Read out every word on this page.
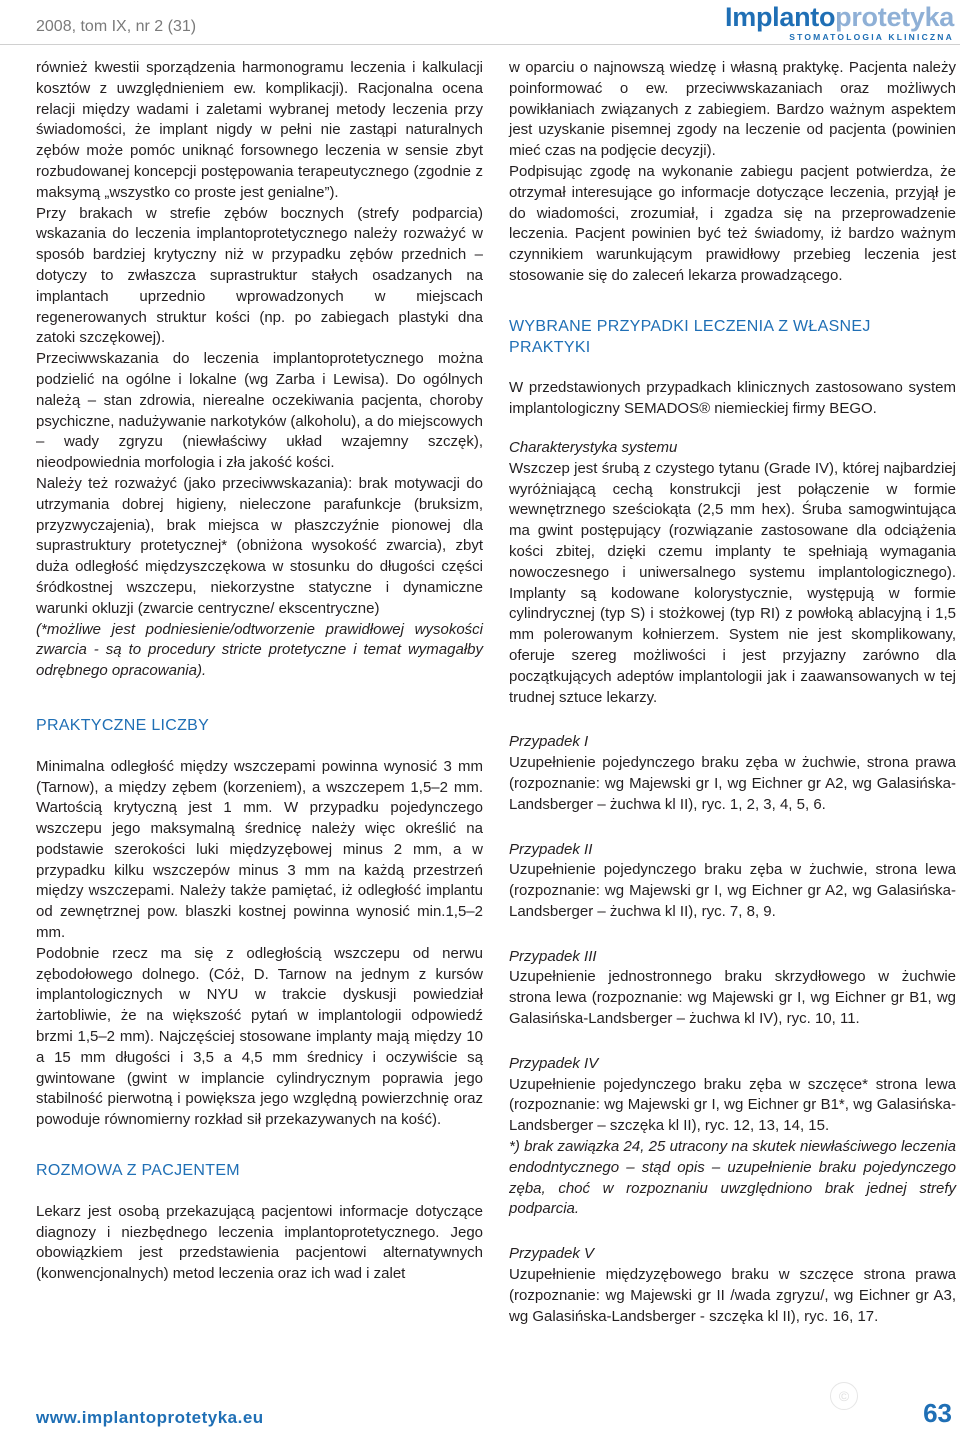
2008, tom IX, nr 2 (31)	Implantoprotetyka
STOMATOLOGIA KLINICZNA

również kwestii sporządzenia harmonogramu leczenia i kalkulacji kosztów z uwzględnieniem ew. komplikacji). Racjonalna ocena relacji między wadami i zaletami wybranej metody leczenia przy świadomości, że implant nigdy w pełni nie zastąpi naturalnych zębów może pomóc uniknąć forsownego leczenia w sensie zbyt rozbudowanej koncepcji postępowania terapeutycznego (zgodnie z maksymą „wszystko co proste jest genialne”).

Przy brakach w strefie zębów bocznych (strefy podparcia) wskazania do leczenia implantoprotetycznego należy rozważyć w sposób bardziej krytyczny niż w przypadku zębów przednich – dotyczy to zwłaszcza suprastruktur stałych osadzanych na implantach uprzednio wprowadzonych w miejscach regenerowanych struktur kości (np. po zabiegach plastyki dna zatoki szczękowej).

Przeciwwskazania do leczenia implantoprotetycznego można podzielić na ogólne i lokalne (wg Zarba i Lewisa). Do ogólnych należą – stan zdrowia, nierealne oczekiwania pacjenta, choroby psychiczne, nadużywanie narkotyków (alkoholu), a do miejscowych – wady zgryzu (niewłaściwy układ wzajemny szczęk), nieodpowiednia morfologia i zła jakość kości.

Należy też rozważyć (jako przeciwwskazania): brak motywacji do utrzymania dobrej higieny, nieleczone parafunkcje (bruksizm, przyzwyczajenia), brak miejsca w płaszczyźnie pionowej dla suprastruktury protetycznej* (obniżona wysokość zwarcia), zbyt duża odległość międzyszczękowa w stosunku do długości części śródkostnej wszczepu, niekorzystne statyczne i dynamiczne warunki okluzji (zwarcie centryczne/ ekscentryczne)

(*możliwe jest podniesienie/odtworzenie prawidłowej wysokości zwarcia - są to procedury stricte protetyczne i temat wymagałby odrębnego opracowania).

PRAKTYCZNE LICZBY

Minimalna odległość między wszczepami powinna wynosić 3 mm (Tarnow), a między zębem (korzeniem), a wszczepem 1,5–2 mm. Wartością krytyczną jest 1 mm. W przypadku pojedynczego wszczepu jego maksymalną średnicę należy więc określić na podstawie szerokości luki międzyzębowej minus 2 mm, a w przypadku kilku wszczepów minus 3 mm na każdą przestrzeń między wszczepami. Należy także pamiętać, iż odległość implantu od zewnętrznej pow. blaszki kostnej powinna wynosić min.1,5–2 mm.

Podobnie rzecz ma się z odległością wszczepu od nerwu zębodołowego dolnego. (Cóż, D. Tarnow na jednym z kursów implantologicznych w NYU w trakcie dyskusji powiedział żartobliwie, że na większość pytań w implantologii odpowiedź brzmi 1,5–2 mm). Najczęściej stosowane implanty mają między 10 a 15 mm długości i 3,5 a 4,5 mm średnicy i oczywiście są gwintowane (gwint w implancie cylindrycznym poprawia jego stabilność pierwotną i powiększa jego względną powierzchnię oraz powoduje równomierny rozkład sił przekazywanych na kość).

ROZMOWA Z PACJENTEM

Lekarz jest osobą przekazującą pacjentowi informacje dotyczące diagnozy i niezbędnego leczenia implantoprotetycznego. Jego obowiązkiem jest przedstawienia pacjentowi alternatywnych (konwencjonalnych) metod leczenia oraz ich wad i zalet

w oparciu o najnowszą wiedzę i własną praktykę. Pacjenta należy poinformować o ew. przeciwwskazaniach oraz możliwych powikłaniach związanych z zabiegiem. Bardzo ważnym aspektem jest uzyskanie pisemnej zgody na leczenie od pacjenta (powinien mieć czas na podjęcie decyzji).

Podpisując zgodę na wykonanie zabiegu pacjent potwierdza, że otrzymał interesujące go informacje dotyczące leczenia, przyjął je do wiadomości, zrozumiał, i zgadza się na przeprowadzenie leczenia. Pacjent powinien być też świadomy, iż bardzo ważnym czynnikiem warunkującym prawidłowy przebieg leczenia jest stosowanie się do zaleceń lekarza prowadzącego.

WYBRANE PRZYPADKI LECZENIA Z WŁASNEJ PRAKTYKI

W przedstawionych przypadkach klinicznych zastosowano system implantologiczny SEMADOS® niemieckiej firmy BEGO.

Charakterystyka systemu

Wszczep jest śrubą z czystego tytanu (Grade IV), której najbardziej wyróżniającą cechą konstrukcji jest połączenie w formie wewnętrznego sześciokąta (2,5 mm hex). Śruba samogwintująca ma gwint postępujący (rozwiązanie zastosowane dla odciążenia kości zbitej, dzięki czemu implanty te spełniają wymagania nowoczesnego i uniwersalnego systemu implantologicznego). Implanty są kodowane kolorystycznie, występują w formie cylindrycznej (typ S) i stożkowej (typ RI) z powłoką ablacyjną i 1,5 mm polerowanym kołnierzem. System nie jest skomplikowany, oferuje szereg możliwości i jest przyjazny zarówno dla początkujących adeptów implantologii jak i zaawansowanych w tej trudnej sztuce lekarzy.

Przypadek I

Uzupełnienie pojedynczego braku zęba w żuchwie, strona prawa (rozpoznanie: wg Majewski gr I, wg Eichner gr A2, wg Galasińska-Landsberger – żuchwa kl II), ryc. 1, 2, 3, 4, 5, 6.

Przypadek II

Uzupełnienie pojedynczego braku zęba w żuchwie, strona lewa (rozpoznanie: wg Majewski gr I, wg Eichner gr A2, wg Galasińska-Landsberger – żuchwa kl II), ryc. 7, 8, 9.

Przypadek III

Uzupełnienie jednostronnego braku skrzydłowego w żuchwie strona lewa (rozpoznanie: wg Majewski gr I, wg Eichner gr B1, wg Galasińska-Landsberger – żuchwa kl IV), ryc. 10, 11.

Przypadek IV

Uzupełnienie pojedynczego braku zęba w szczęce* strona lewa (rozpoznanie: wg Majewski gr I, wg Eichner gr B1*, wg Galasińska-Landsberger – szczęka kl II), ryc. 12, 13, 14, 15.

*) brak zawiązka 24, 25 utracony na skutek niewłaściwego leczenia endodntycznego – stąd opis – uzupełnienie braku pojedynczego zęba, choć w rozpoznaniu uwzględniono brak jednej strefy podparcia.

Przypadek V

Uzupełnienie międzyzębowego braku w szczęce strona prawa (rozpoznanie: wg Majewski gr II /wada zgryzu/, wg Eichner gr A3, wg Galasińska-Landsberger - szczęka kl II), ryc. 16, 17.

©
www.implantoprotetyka.eu	63
